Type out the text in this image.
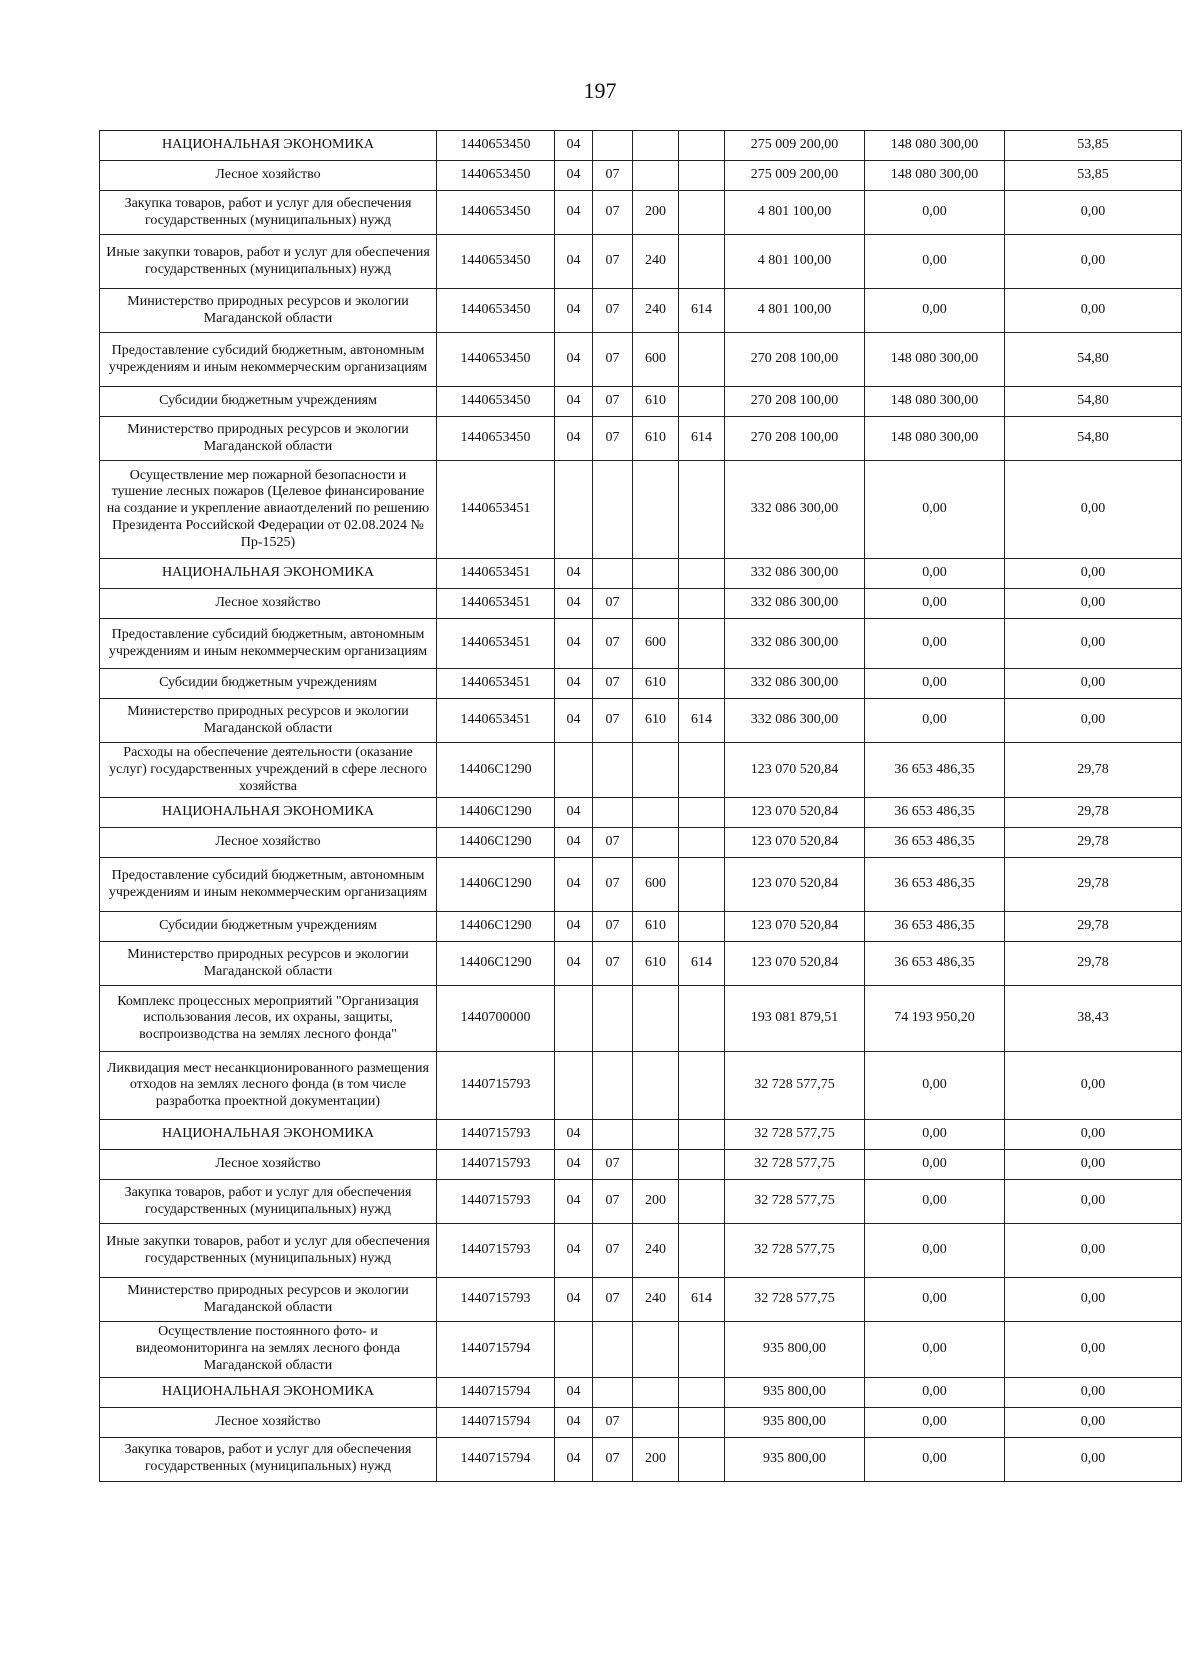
197
НАЦИОНАЛЬНАЯ ЭКОНОМИКА	1440653450	04				275 009 200,00	148 080 300,00	53,85
Лесное хозяйство	1440653450	04	07			275 009 200,00	148 080 300,00	53,85
Закупка товаров, работ и услуг для обеспечения государственных (муниципальных) нужд	1440653450	04	07	200		4 801 100,00	0,00	0,00
Иные закупки товаров, работ и услуг для обеспечения государственных (муниципальных) нужд	1440653450	04	07	240		4 801 100,00	0,00	0,00
Министерство природных ресурсов и экологии Магаданской области	1440653450	04	07	240	614	4 801 100,00	0,00	0,00
Предоставление субсидий бюджетным, автономным учреждениям и иным некоммерческим организациям	1440653450	04	07	600		270 208 100,00	148 080 300,00	54,80
Субсидии бюджетным учреждениям	1440653450	04	07	610		270 208 100,00	148 080 300,00	54,80
Министерство природных ресурсов и экологии Магаданской области	1440653450	04	07	610	614	270 208 100,00	148 080 300,00	54,80
Осуществление мер пожарной безопасности и тушение лесных пожаров (Целевое финансирование на создание и укрепление авиаотделений по решению Президента Российской Федерации от 02.08.2024 № Пр-1525)	1440653451					332 086 300,00	0,00	0,00
НАЦИОНАЛЬНАЯ ЭКОНОМИКА	1440653451	04				332 086 300,00	0,00	0,00
Лесное хозяйство	1440653451	04	07			332 086 300,00	0,00	0,00
Предоставление субсидий бюджетным, автономным учреждениям и иным некоммерческим организациям	1440653451	04	07	600		332 086 300,00	0,00	0,00
Субсидии бюджетным учреждениям	1440653451	04	07	610		332 086 300,00	0,00	0,00
Министерство природных ресурсов и экологии Магаданской области	1440653451	04	07	610	614	332 086 300,00	0,00	0,00
Расходы на обеспечение деятельности (оказание услуг) государственных учреждений в сфере лесного хозяйства	14406С1290					123 070 520,84	36 653 486,35	29,78
НАЦИОНАЛЬНАЯ ЭКОНОМИКА	14406С1290	04				123 070 520,84	36 653 486,35	29,78
Лесное хозяйство	14406С1290	04	07			123 070 520,84	36 653 486,35	29,78
Предоставление субсидий бюджетным, автономным учреждениям и иным некоммерческим организациям	14406С1290	04	07	600		123 070 520,84	36 653 486,35	29,78
Субсидии бюджетным учреждениям	14406С1290	04	07	610		123 070 520,84	36 653 486,35	29,78
Министерство природных ресурсов и экологии Магаданской области	14406С1290	04	07	610	614	123 070 520,84	36 653 486,35	29,78
Комплекс процессных мероприятий "Организация использования лесов, их охраны, защиты, воспроизводства на землях лесного фонда"	1440700000					193 081 879,51	74 193 950,20	38,43
Ликвидация мест несанкционированного размещения отходов на землях лесного фонда (в том числе разработка проектной документации)	1440715793					32 728 577,75	0,00	0,00
НАЦИОНАЛЬНАЯ ЭКОНОМИКА	1440715793	04				32 728 577,75	0,00	0,00
Лесное хозяйство	1440715793	04	07			32 728 577,75	0,00	0,00
Закупка товаров, работ и услуг для обеспечения государственных (муниципальных) нужд	1440715793	04	07	200		32 728 577,75	0,00	0,00
Иные закупки товаров, работ и услуг для обеспечения государственных (муниципальных) нужд	1440715793	04	07	240		32 728 577,75	0,00	0,00
Министерство природных ресурсов и экологии Магаданской области	1440715793	04	07	240	614	32 728 577,75	0,00	0,00
Осуществление постоянного фото- и видеомониторинга на землях лесного фонда Магаданской области	1440715794					935 800,00	0,00	0,00
НАЦИОНАЛЬНАЯ ЭКОНОМИКА	1440715794	04				935 800,00	0,00	0,00
Лесное хозяйство	1440715794	04	07			935 800,00	0,00	0,00
Закупка товаров, работ и услуг для обеспечения государственных (муниципальных) нужд	1440715794	04	07	200		935 800,00	0,00	0,00
